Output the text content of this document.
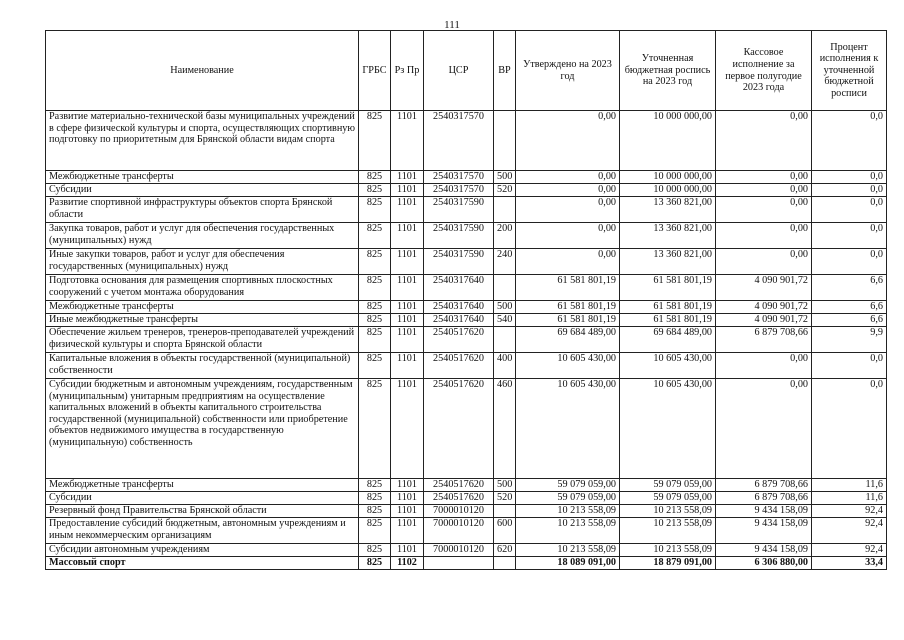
111
Наименование	ГРБС	Рз Пр	ЦСР	ВР	Утверждено на 2023 год	Уточненная бюджетная роспись на 2023 год	Кассовое исполнение за первое полугодие 2023 года	Процент исполнения к уточненной бюджетной росписи
Развитие материально-технической базы муниципальных учреждений в сфере физической культуры и спорта, осуществляющих спортивную подготовку по приоритетным для Брянской области видам спорта	825	1101	2540317570		0,00	10 000 000,00	0,00	0,0
Межбюджетные трансферты	825	1101	2540317570	500	0,00	10 000 000,00	0,00	0,0
Субсидии	825	1101	2540317570	520	0,00	10 000 000,00	0,00	0,0
Развитие спортивной инфраструктуры объектов спорта Брянской области	825	1101	2540317590		0,00	13 360 821,00	0,00	0,0
Закупка товаров, работ и услуг для обеспечения государственных (муниципальных) нужд	825	1101	2540317590	200	0,00	13 360 821,00	0,00	0,0
Иные закупки товаров, работ и услуг для обеспечения государственных (муниципальных) нужд	825	1101	2540317590	240	0,00	13 360 821,00	0,00	0,0
Подготовка основания для размещения спортивных плоскостных сооружений с учетом монтажа оборудования	825	1101	2540317640		61 581 801,19	61 581 801,19	4 090 901,72	6,6
Межбюджетные трансферты	825	1101	2540317640	500	61 581 801,19	61 581 801,19	4 090 901,72	6,6
Иные межбюджетные трансферты	825	1101	2540317640	540	61 581 801,19	61 581 801,19	4 090 901,72	6,6
Обеспечение жильем тренеров, тренеров-преподавателей учреждений физической культуры и спорта Брянской области	825	1101	2540517620		69 684 489,00	69 684 489,00	6 879 708,66	9,9
Капитальные вложения в объекты государственной (муниципальной) собственности	825	1101	2540517620	400	10 605 430,00	10 605 430,00	0,00	0,0
Субсидии бюджетным и автономным учреждениям, государственным (муниципальным) унитарным предприятиям на осуществление капитальных вложений в объекты капитального строительства государственной (муниципальной) собственности или приобретение объектов недвижимого имущества в государственную (муниципальную) собственность	825	1101	2540517620	460	10 605 430,00	10 605 430,00	0,00	0,0
Межбюджетные трансферты	825	1101	2540517620	500	59 079 059,00	59 079 059,00	6 879 708,66	11,6
Субсидии	825	1101	2540517620	520	59 079 059,00	59 079 059,00	6 879 708,66	11,6
Резервный фонд Правительства Брянской области	825	1101	7000010120		10 213 558,09	10 213 558,09	9 434 158,09	92,4
Предоставление субсидий бюджетным, автономным учреждениям и иным некоммерческим организациям	825	1101	7000010120	600	10 213 558,09	10 213 558,09	9 434 158,09	92,4
Субсидии автономным учреждениям	825	1101	7000010120	620	10 213 558,09	10 213 558,09	9 434 158,09	92,4
Массовый спорт	825	1102			18 089 091,00	18 879 091,00	6 306 880,00	33,4
